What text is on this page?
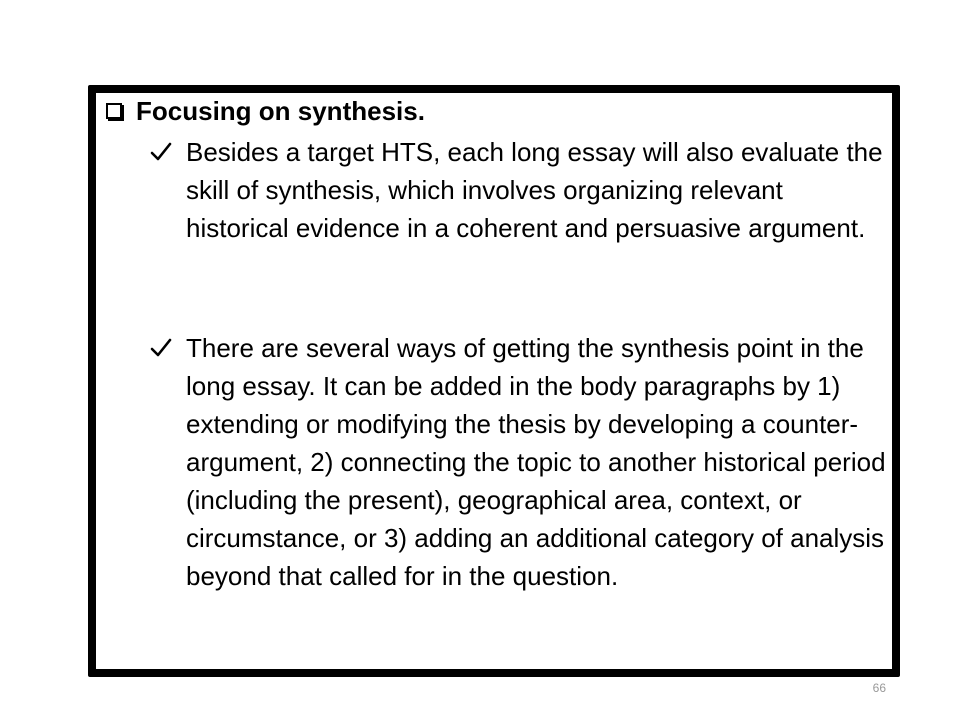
Focusing on synthesis.

Besides a target HTS, each long essay will also evaluate the skill of synthesis, which involves organizing relevant historical evidence in a coherent and persuasive argument.

There are several ways of getting the synthesis point in the long essay. It can be added in the body paragraphs by 1) extending or modifying the thesis by developing a counter-argument, 2) connecting the topic to another historical period (including the present), geographical area, context, or circumstance, or 3) adding an additional category of analysis beyond that called for in the question.

66
